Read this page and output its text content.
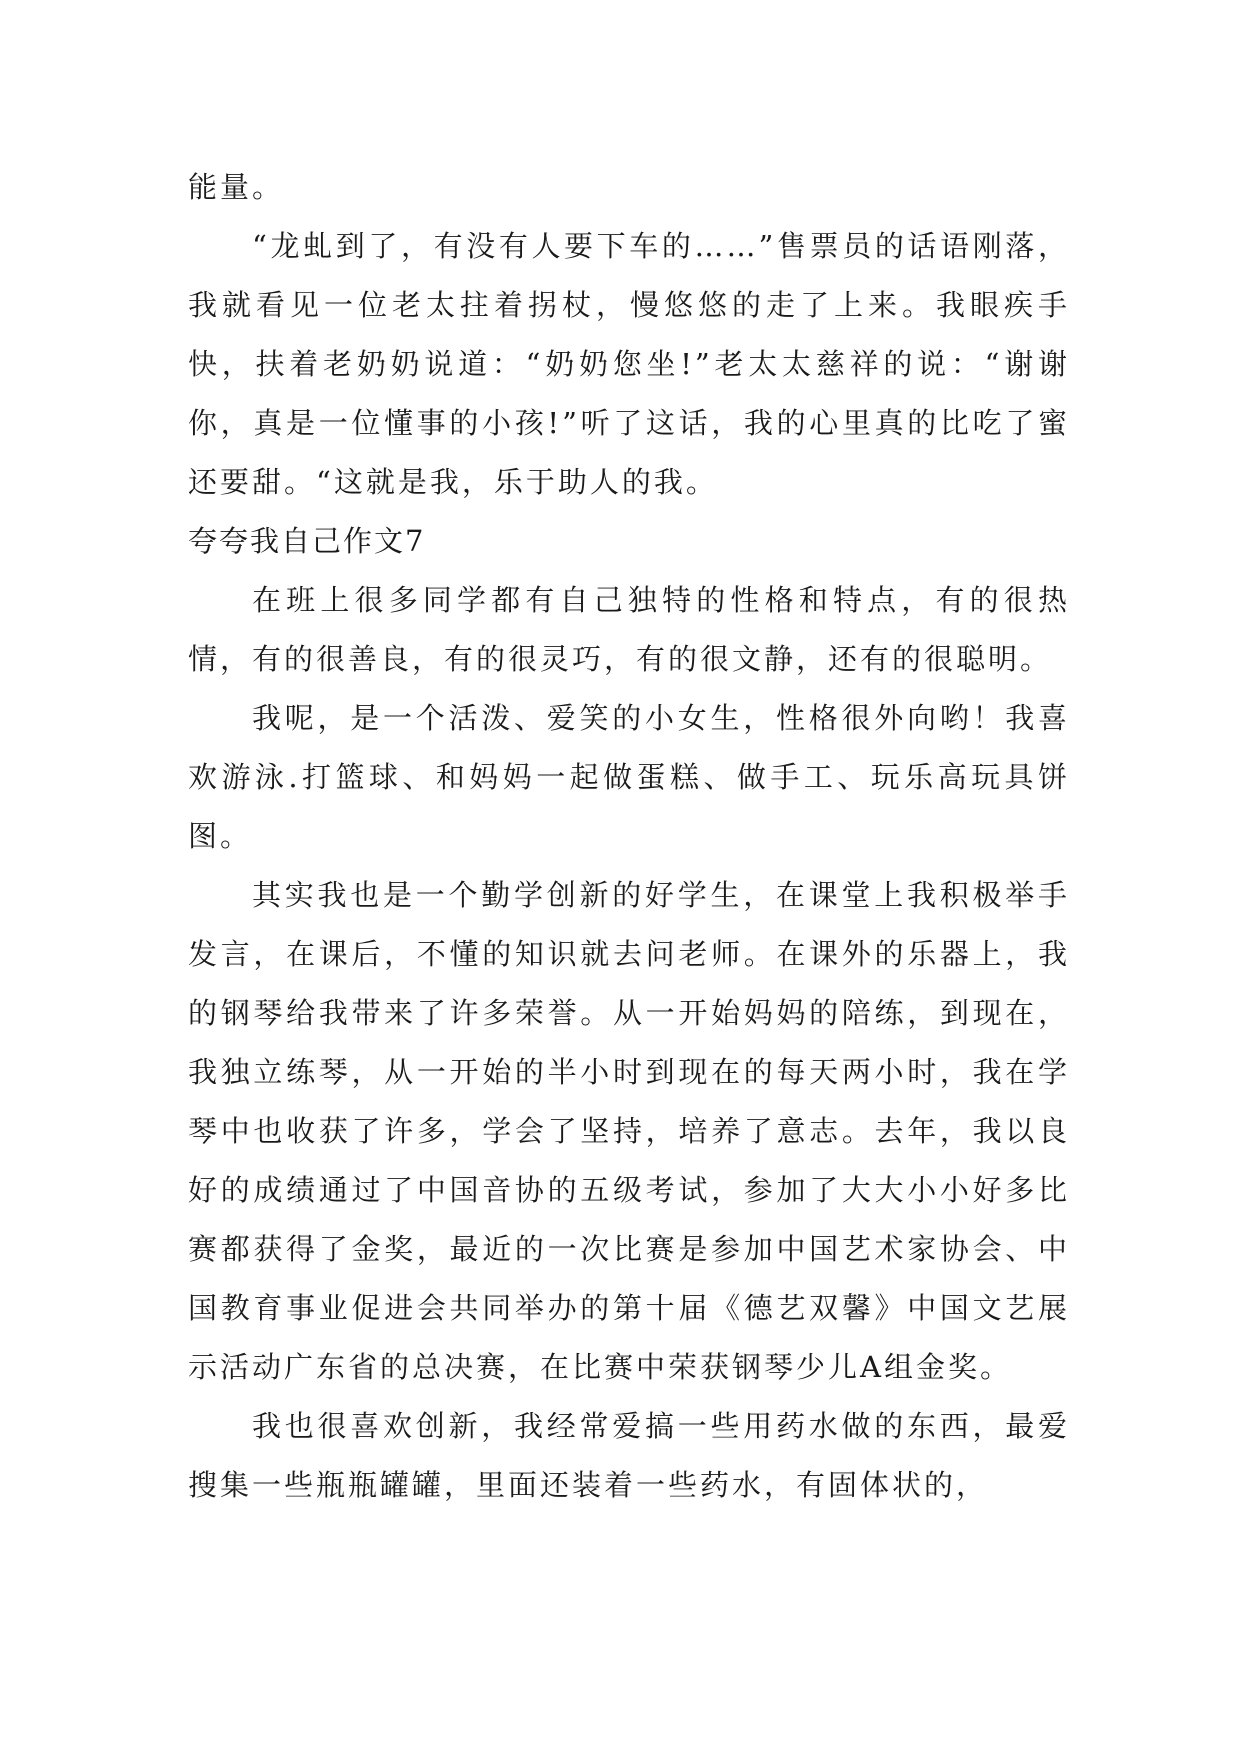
能量。

“龙虬到了，有没有人要下车的……”售票员的话语刚落，我就看见一位老太拄着拐杖，慢悠悠的走了上来。我眼疾手快，扶着老奶奶说道：“奶奶您坐!”老太太慈祥的说：“谢谢你，真是一位懂事的小孩!”听了这话，我的心里真的比吃了蜜还要甜。“这就是我，乐于助人的我。

夸夸我自己作文7

在班上很多同学都有自己独特的性格和特点，有的很热情，有的很善良，有的很灵巧，有的很文静，还有的很聪明。

我呢，是一个活泼、爱笑的小女生，性格很外向哟！我喜欢游泳.打篮球、和妈妈一起做蛋糕、做手工、玩乐高玩具饼图。

其实我也是一个勤学创新的好学生，在课堂上我积极举手发言，在课后，不懂的知识就去问老师。在课外的乐器上，我的钢琴给我带来了许多荣誉。从一开始妈妈的陪练，到现在，我独立练琴，从一开始的半小时到现在的每天两小时，我在学琴中也收获了许多，学会了坚持，培养了意志。去年，我以良好的成绩通过了中国音协的五级考试，参加了大大小小好多比赛都获得了金奖，最近的一次比赛是参加中国艺术家协会、中国教育事业促进会共同举办的第十届《德艺双馨》中国文艺展示活动广东省的总决赛，在比赛中荣获钢琴少儿A组金奖。

我也很喜欢创新，我经常爱搞一些用药水做的东西，最爱搜集一些瓶瓶罐罐，里面还装着一些药水，有固体状的，
